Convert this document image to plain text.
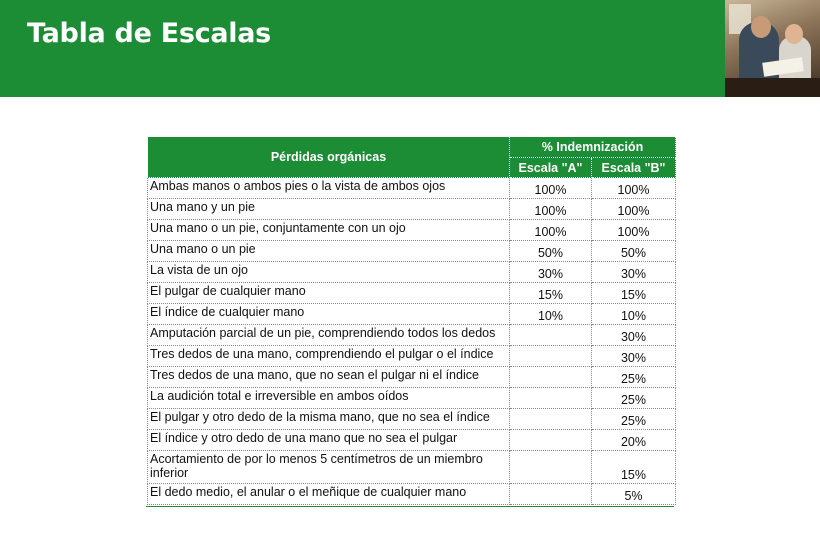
Tabla de Escalas
Pérdidas orgánicas	% Indemnización	
	Escala "A"	Escala "B"
Ambas manos o ambos pies o la vista de ambos ojos	100%	100%
Una mano y un pie	100%	100%
Una mano o un pie, conjuntamente con un ojo	100%	100%
Una mano o un pie	50%	50%
La vista de un ojo	30%	30%
El pulgar de cualquier mano	15%	15%
El índice de cualquier mano	10%	10%
Amputación parcial de un pie, comprendiendo todos los dedos		30%
Tres dedos de una mano, comprendiendo el pulgar o el índice		30%
Tres dedos de una mano, que no sean el pulgar ni el índice		25%
La audición total e irreversible en ambos oídos		25%
El pulgar y otro dedo de la misma mano, que no sea el índice		25%
El índice y otro dedo de una mano que no sea el pulgar		20%
Acortamiento de por lo menos 5 centímetros de un miembro inferior		15%
El dedo medio, el anular o el meñique de cualquier mano		5%
